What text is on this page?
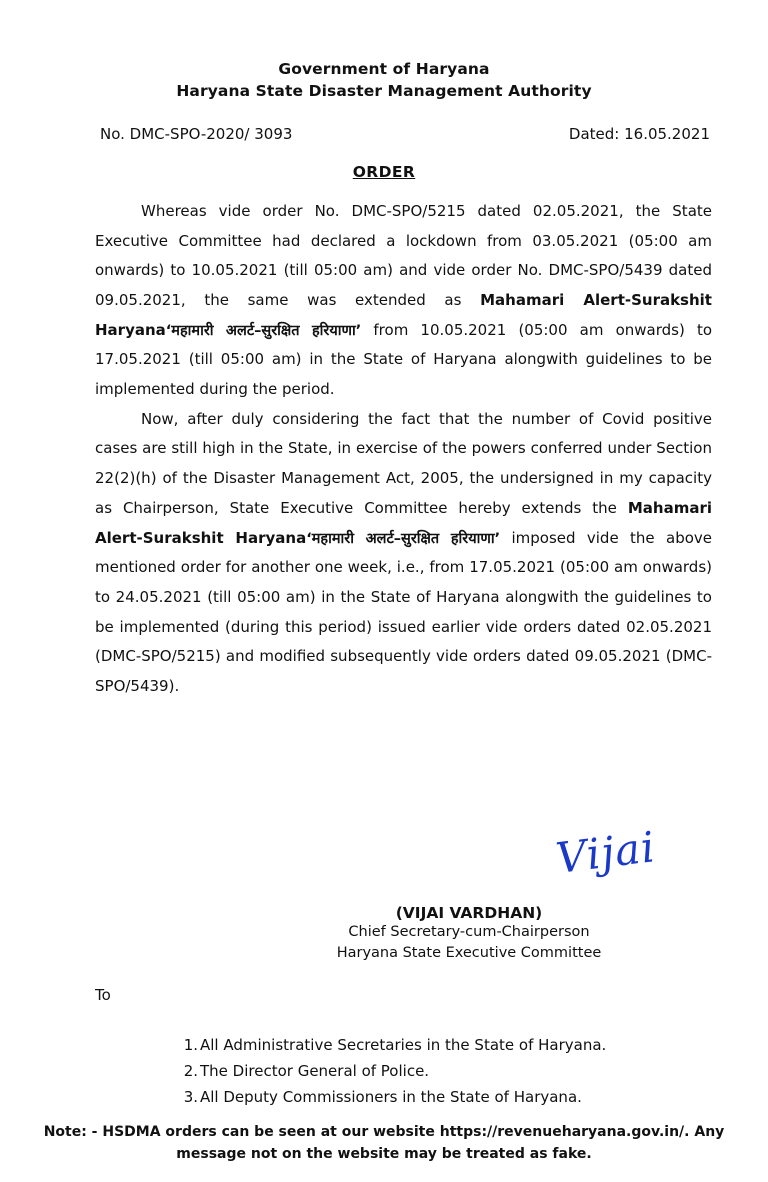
Government of Haryana
Haryana State Disaster Management Authority
No. DMC-SPO-2020/ 3093	Dated: 16.05.2021
ORDER

Whereas vide order No. DMC-SPO/5215 dated 02.05.2021, the State Executive Committee had declared a lockdown from 03.05.2021 (05:00 am onwards) to 10.05.2021 (till 05:00 am) and vide order No. DMC-SPO/5439 dated 09.05.2021, the same was extended as Mahamari Alert-Surakshit Haryana‘महामारी अलर्ट–सुरक्षित हरियाणा’ from 10.05.2021 (05:00 am onwards) to 17.05.2021 (till 05:00 am) in the State of Haryana alongwith guidelines to be implemented during the period.

Now, after duly considering the fact that the number of Covid positive cases are still high in the State, in exercise of the powers conferred under Section 22(2)(h) of the Disaster Management Act, 2005, the undersigned in my capacity as Chairperson, State Executive Committee hereby extends the Mahamari Alert-Surakshit Haryana‘महामारी अलर्ट–सुरक्षित हरियाणा’ imposed vide the above mentioned order for another one week, i.e., from 17.05.2021 (05:00 am onwards) to 24.05.2021 (till 05:00 am) in the State of Haryana alongwith the guidelines to be implemented (during this period) issued earlier vide orders dated 02.05.2021 (DMC-SPO/5215) and modified subsequently vide orders dated 09.05.2021 (DMC-SPO/5439).

Vijai
(VIJAI VARDHAN)
Chief Secretary-cum-Chairperson
Haryana State Executive Committee
To
1. All Administrative Secretaries in the State of Haryana.
2. The Director General of Police.
3. All Deputy Commissioners in the State of Haryana.
Note: - HSDMA orders can be seen at our website https://revenueharyana.gov.in/. Any
message not on the website may be treated as fake.
